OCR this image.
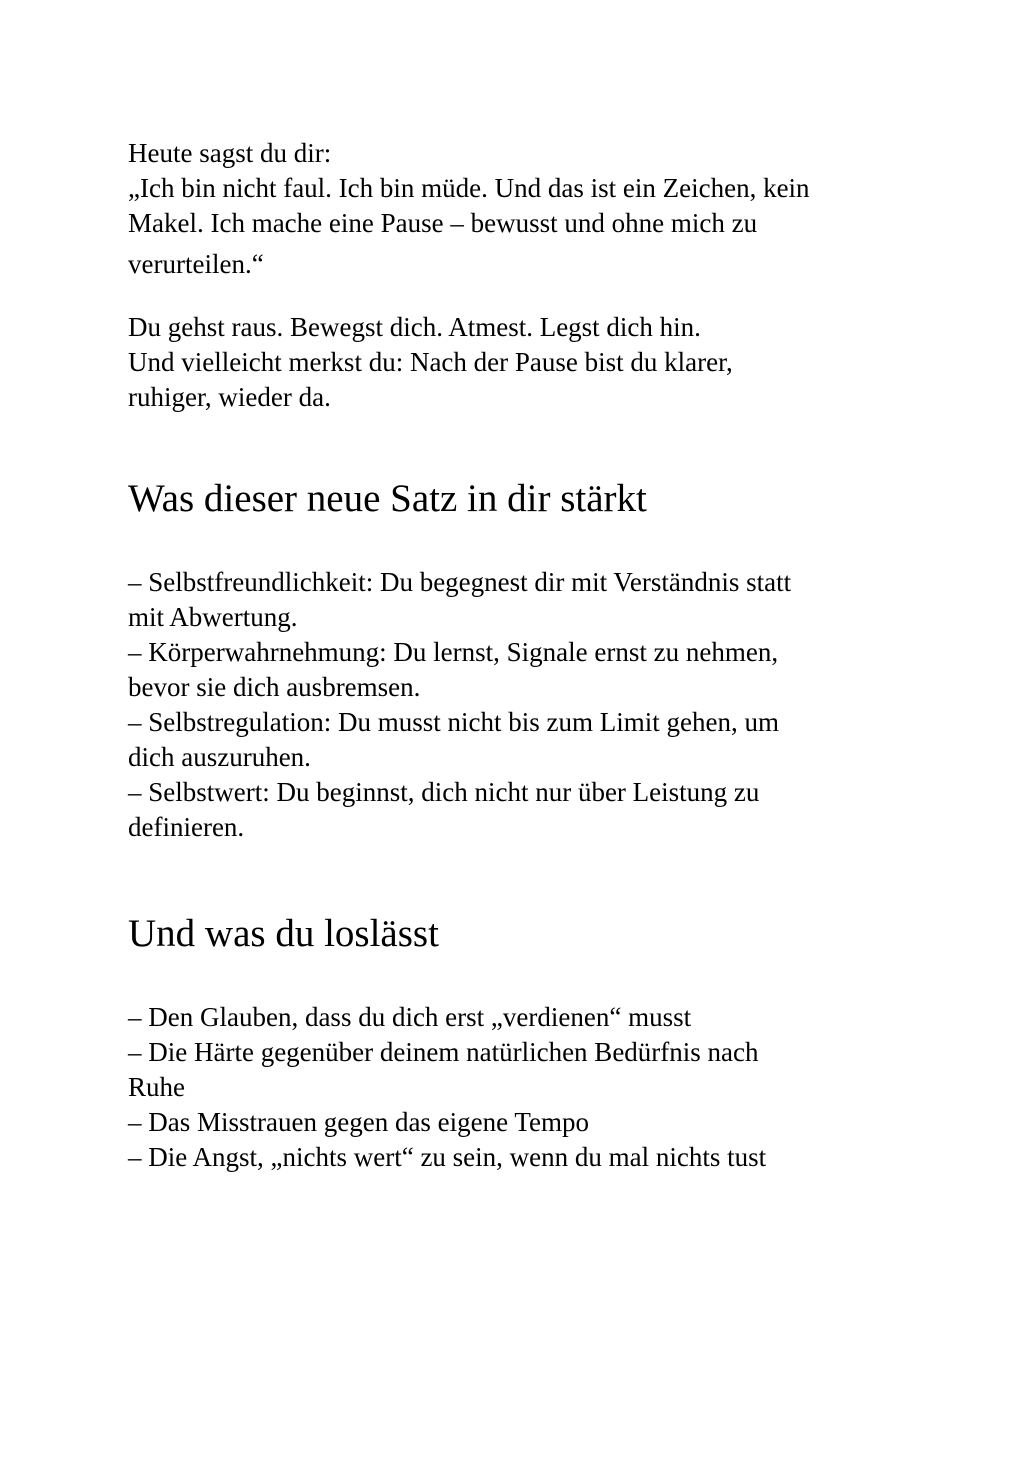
Heute sagst du dir:
„Ich bin nicht faul. Ich bin müde. Und das ist ein Zeichen, kein
Makel. Ich mache eine Pause – bewusst und ohne mich zu
verurteilen.“
Du gehst raus. Bewegst dich. Atmest. Legst dich hin.
Und vielleicht merkst du: Nach der Pause bist du klarer,
ruhiger, wieder da.
Was dieser neue Satz in dir stärkt
– Selbstfreundlichkeit: Du begegnest dir mit Verständnis statt
mit Abwertung.
– Körperwahrnehmung: Du lernst, Signale ernst zu nehmen,
bevor sie dich ausbremsen.
– Selbstregulation: Du musst nicht bis zum Limit gehen, um
dich auszuruhen.
– Selbstwert: Du beginnst, dich nicht nur über Leistung zu
definieren.
Und was du loslässt
– Den Glauben, dass du dich erst „verdienen“ musst
– Die Härte gegenüber deinem natürlichen Bedürfnis nach
Ruhe
– Das Misstrauen gegen das eigene Tempo
– Die Angst, „nichts wert“ zu sein, wenn du mal nichts tust
